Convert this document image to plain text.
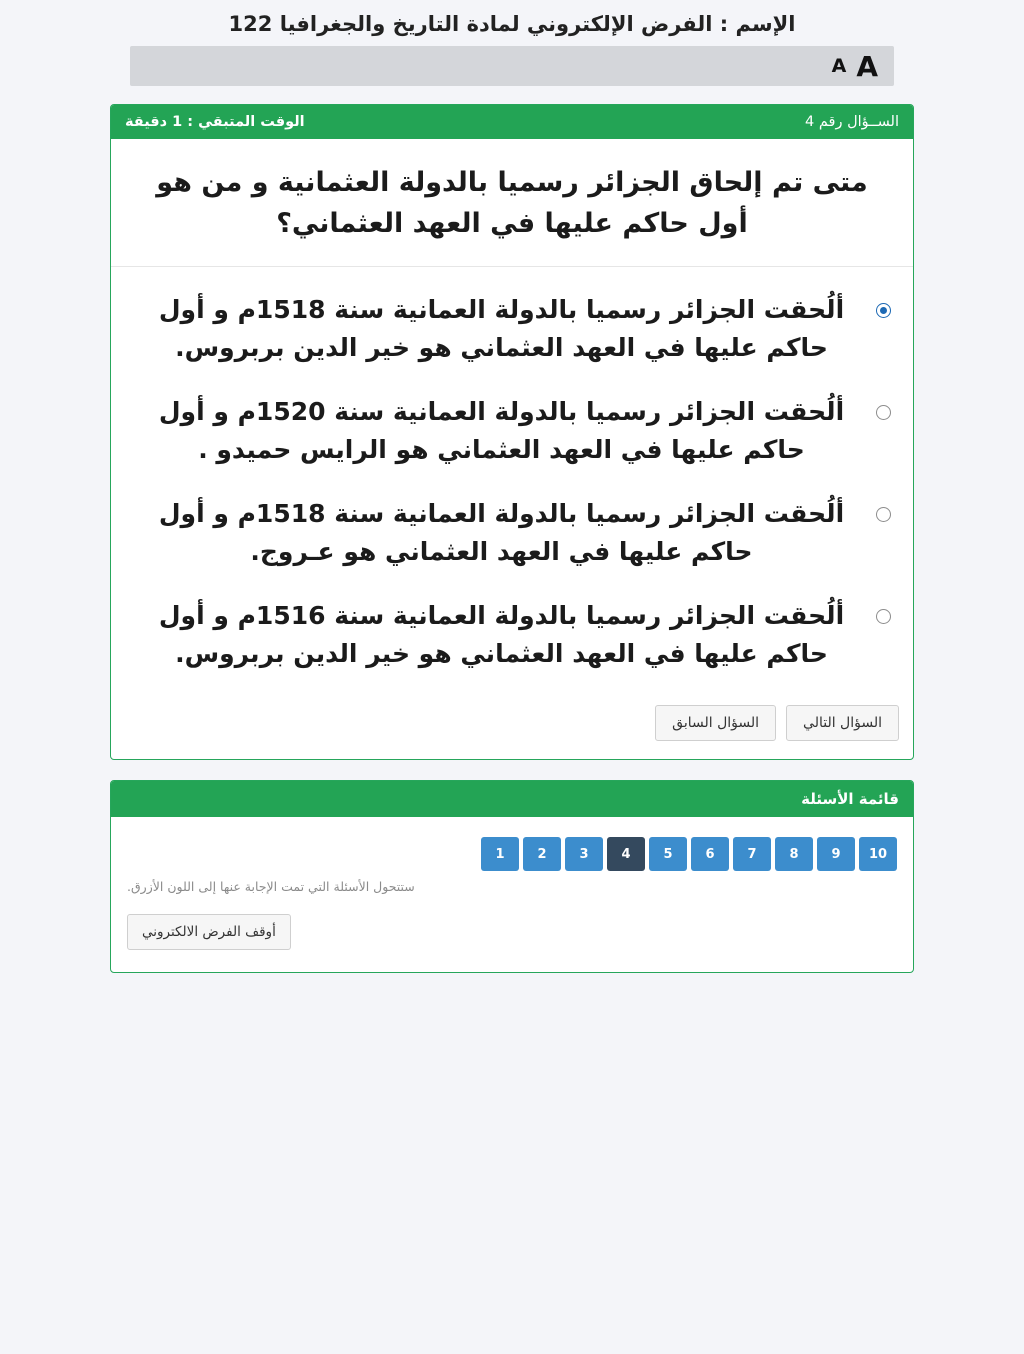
الإسم : الفرض الإلكتروني لمادة التاريخ والجغرافيا 122
A
A
الســؤال رقم 4
الوقت المتبقي : 1 دقيقة
متى تم إلحاق الجزائر رسميا بالدولة العثمانية و من هو أول حاكم عليها في العهد العثماني؟
ألُحقت الجزائر رسميا بالدولة العمانية سنة 1518م و أول حاكم عليها في العهد العثماني هو خير الدين بربروس.
ألُحقت الجزائر رسميا بالدولة العمانية سنة 1520م و أول حاكم عليها في العهد العثماني هو الرايس حميدو .
ألُحقت الجزائر رسميا بالدولة العمانية سنة 1518م و أول حاكم عليها في العهد العثماني هو عـروج.
ألُحقت الجزائر رسميا بالدولة العمانية سنة 1516م و أول حاكم عليها في العهد العثماني هو خير الدين بربروس.
السؤال التالي
السؤال السابق
قائمة الأسئلة
10
9
8
7
6
5
4
3
2
1
ستتحول الأسئلة التي تمت الإجابة عنها إلى اللون الأزرق.
أوقف الفرض الالكتروني
